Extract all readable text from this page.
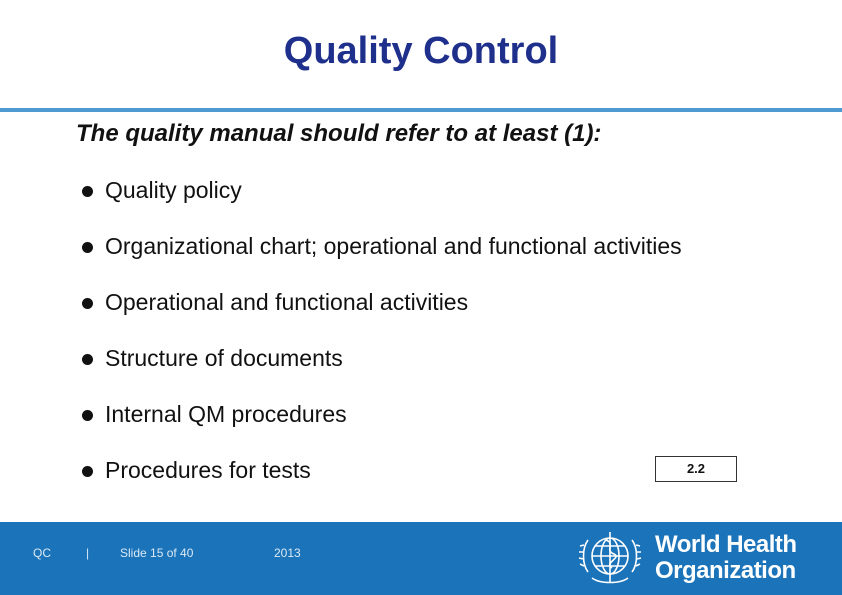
Quality Control
The quality manual should refer to at least (1):
Quality policy
Organizational chart; operational and functional activities
Operational and functional activities
Structure of documents
Internal QM procedures
Procedures for tests	2.2
QC	|	Slide 15 of 40	2013	World Health
Organization
